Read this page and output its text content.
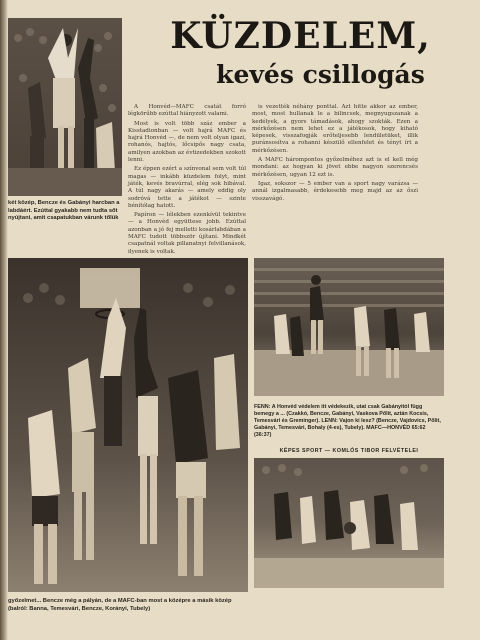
KÜZDELEM,
kevés csillogás

A Honvéd—MAFC csatát forró légkörűbb ezúttal hiányzott valami.

Most is volt több száz ember a Kisstadionban — volt hajrá MAFC és hajrá Honvéd —, de nem volt olyan igazi, rohanós, hajtós, lőcsipős nagy csata, amilyen azokban az évtizedekben szokott lenni.

Ez éppen ezért a színvonal sem volt túl magas — inkább küzdelem folyt, mint játék, kevés bravúrral, elég sok hibával. A túl nagy akarás — amely eddig oly sodróvá tette a játékot — szinte bénítólag hatott.

Papíron — lélekben ezenkívül tekintve — a Honvéd együttese jobb. Ezúttal azonban a jó fej melletti kosárlabdában a MAFC tudott többször újítani. Mindkét csapatnál voltak pillanatnyi felvillanások, ilyenek is voltak.

is vezették néhány ponttal. Azt hitte akkor az ember, most, most hullanak le a bilincsek, megnyugszanak a kedélyek, a gyors támadások, ahogy szokták. Ezen a mérkőzésen nem lehet ez a játékosok, hogy kiható képesek, visszafogják erőteljesebb lendületüket, illik puránsosítva a rohanni készülő ellenfelet és tényt írt a mérkőzésen.

A MAFC hárompontos győzelméhez azt is el kell még mondani: az hogyan ki jövet ebbe nagyon szerencsés mérkőzésen, ugyan 12 ezt is.

Igaz, sokszor — 5 ember van a sport nagy varázsa — annál izgalmasabb, érdekesebb meg majd az az őszi visszavágó.

két közép, Bencze és Gabányi harcban a labdáért. Ezúttal gyakabb nem tudta sőt nyújtani, amit csapatukban várunk tőlük
győzelmet... Bencze még a pályán, de a MAFC-ban most a középre a másik közép (balról: Banna, Temesvári, Bencze, Korányi, Tubely)
FENN: A Honvéd védelem itt védekezik, utat csak Gabányitól függ bemegy a ... (Czakkó, Bencze, Gabányi, Vaskova Pőlit, aztán Kocsis, Temesvári és Greminger). LENN: Vajon ki lesz? (Bencze, Vajdovics, Pőlit, Gabányi, Temesvári, Bohaly (4-es), Tubely). MAFC—HONVÉD 65:62 (36:37)
KÉPES SPORT — KOMLÓS TIBOR FELVÉTELEI
